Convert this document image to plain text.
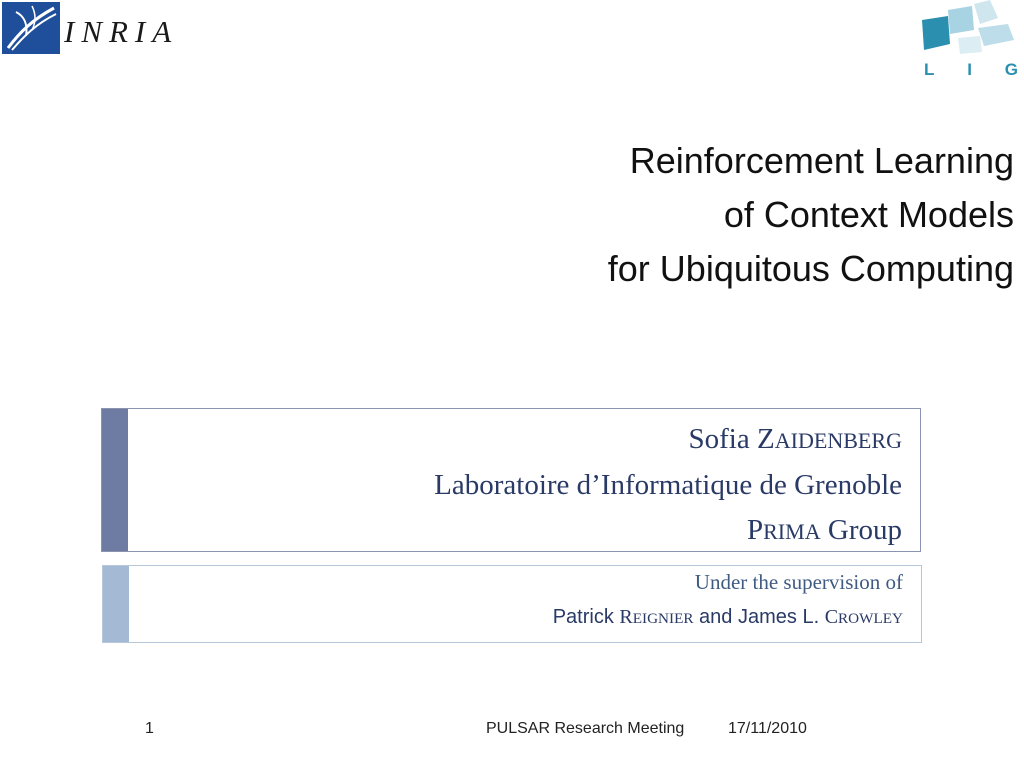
INRIA
L I G
Reinforcement Learning
of Context Models
for Ubiquitous Computing
Sofia ZAIDENBERG
Laboratoire d’Informatique de Grenoble
PRIMA Group
Under the supervision of
Patrick REIGNIER and James L. CROWLEY
1	PULSAR Research Meeting	17/11/2010
